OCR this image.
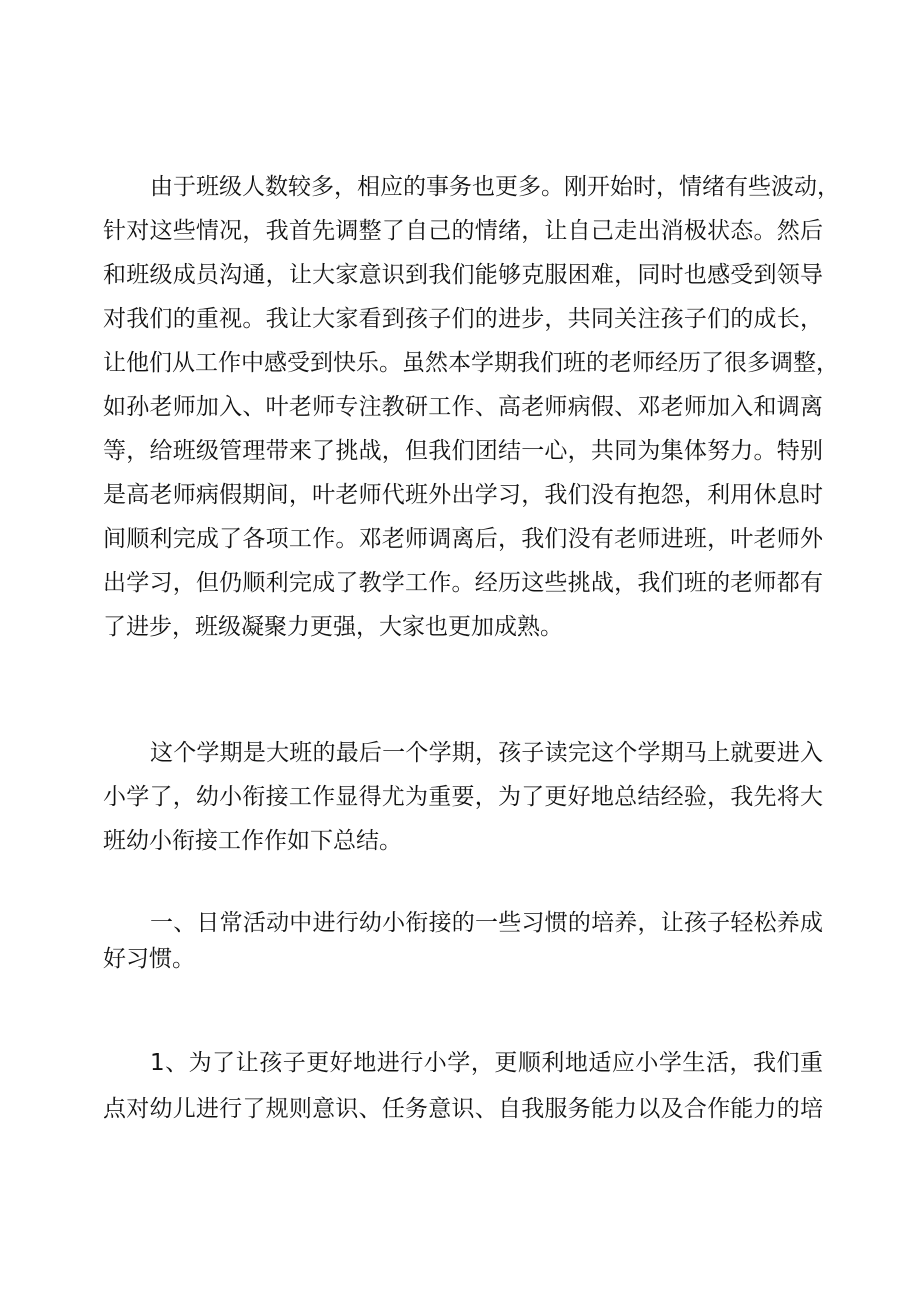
由于班级人数较多，相应的事务也更多。刚开始时，情绪有些波动，

针对这些情况，我首先调整了自己的情绪，让自己走出消极状态。然后

和班级成员沟通，让大家意识到我们能够克服困难，同时也感受到领导

对我们的重视。我让大家看到孩子们的进步，共同关注孩子们的成长，

让他们从工作中感受到快乐。虽然本学期我们班的老师经历了很多调整，

如孙老师加入、叶老师专注教研工作、高老师病假、邓老师加入和调离

等，给班级管理带来了挑战，但我们团结一心，共同为集体努力。特别

是高老师病假期间，叶老师代班外出学习，我们没有抱怨，利用休息时

间顺利完成了各项工作。邓老师调离后，我们没有老师进班，叶老师外

出学习，但仍顺利完成了教学工作。经历这些挑战，我们班的老师都有

了进步，班级凝聚力更强，大家也更加成熟。

这个学期是大班的最后一个学期，孩子读完这个学期马上就要进入

小学了，幼小衔接工作显得尤为重要，为了更好地总结经验，我先将大

班幼小衔接工作作如下总结。

一、日常活动中进行幼小衔接的一些习惯的培养，让孩子轻松养成

好习惯。

1、为了让孩子更好地进行小学，更顺利地适应小学生活，我们重

点对幼儿进行了规则意识、任务意识、自我服务能力以及合作能力的培
